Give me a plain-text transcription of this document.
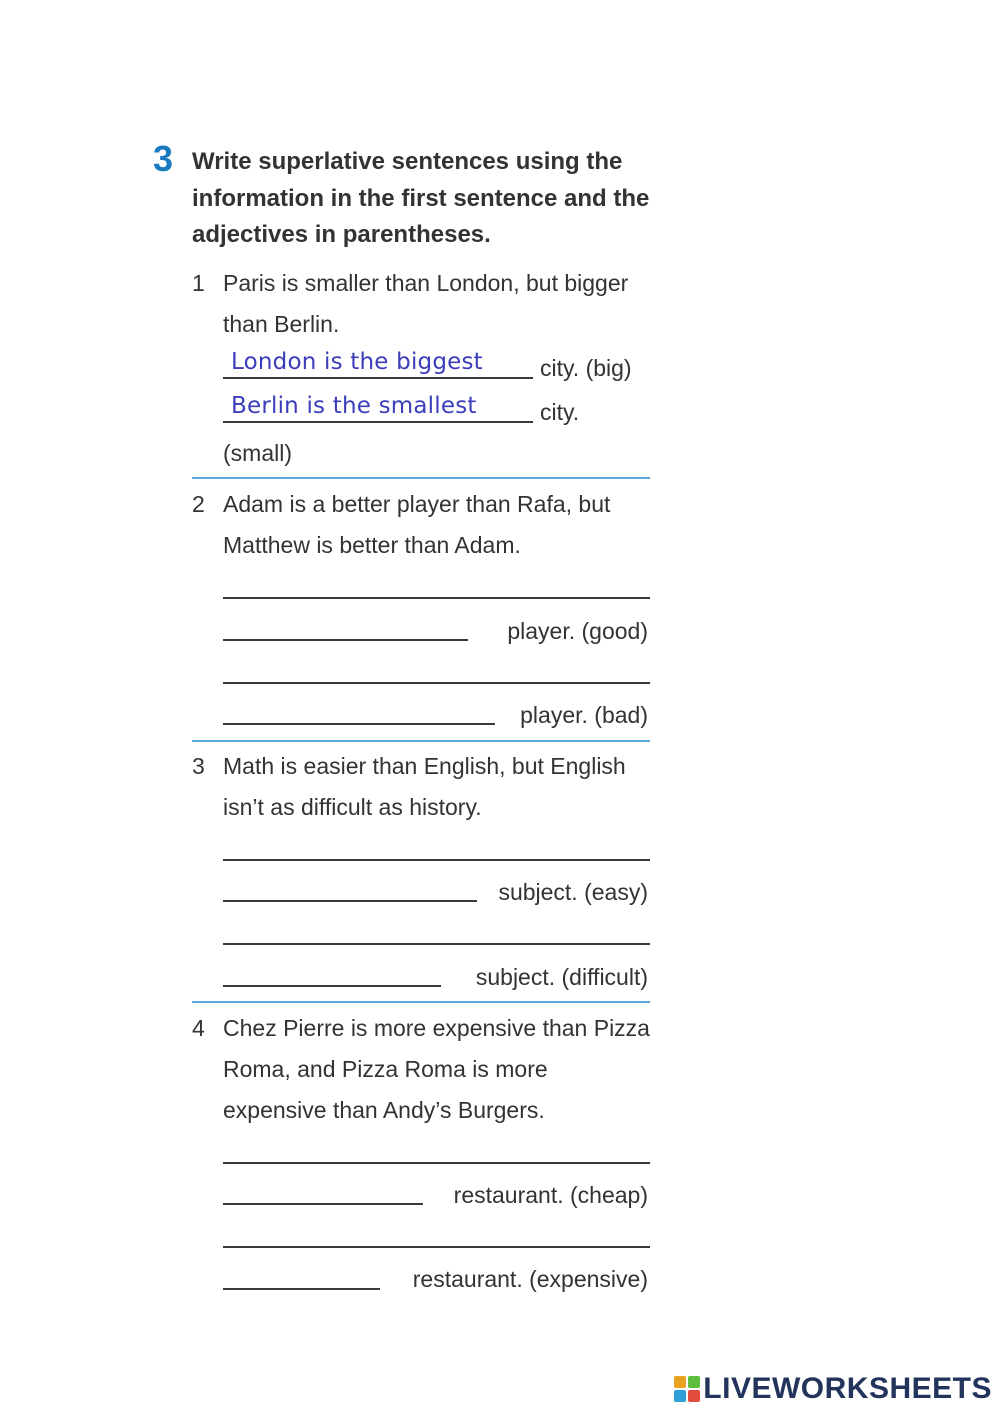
3 Write superlative sentences using the information in the first sentence and the adjectives in parentheses.
1 Paris is smaller than London, but bigger than Berlin.
London is the biggest city. (big)
Berlin is the smallest	city.
(small)
2 Adam is a better player than Rafa, but Matthew is better than Adam.
player. (good)
player. (bad)
3 Math is easier than English, but English isn’t as difficult as history.
subject. (easy)
subject. (difficult)
4 Chez Pierre is more expensive than Pizza Roma, and Pizza Roma is more expensive than Andy’s Burgers.
restaurant. (cheap)
restaurant. (expensive)
LIVEWORKSHEETS
